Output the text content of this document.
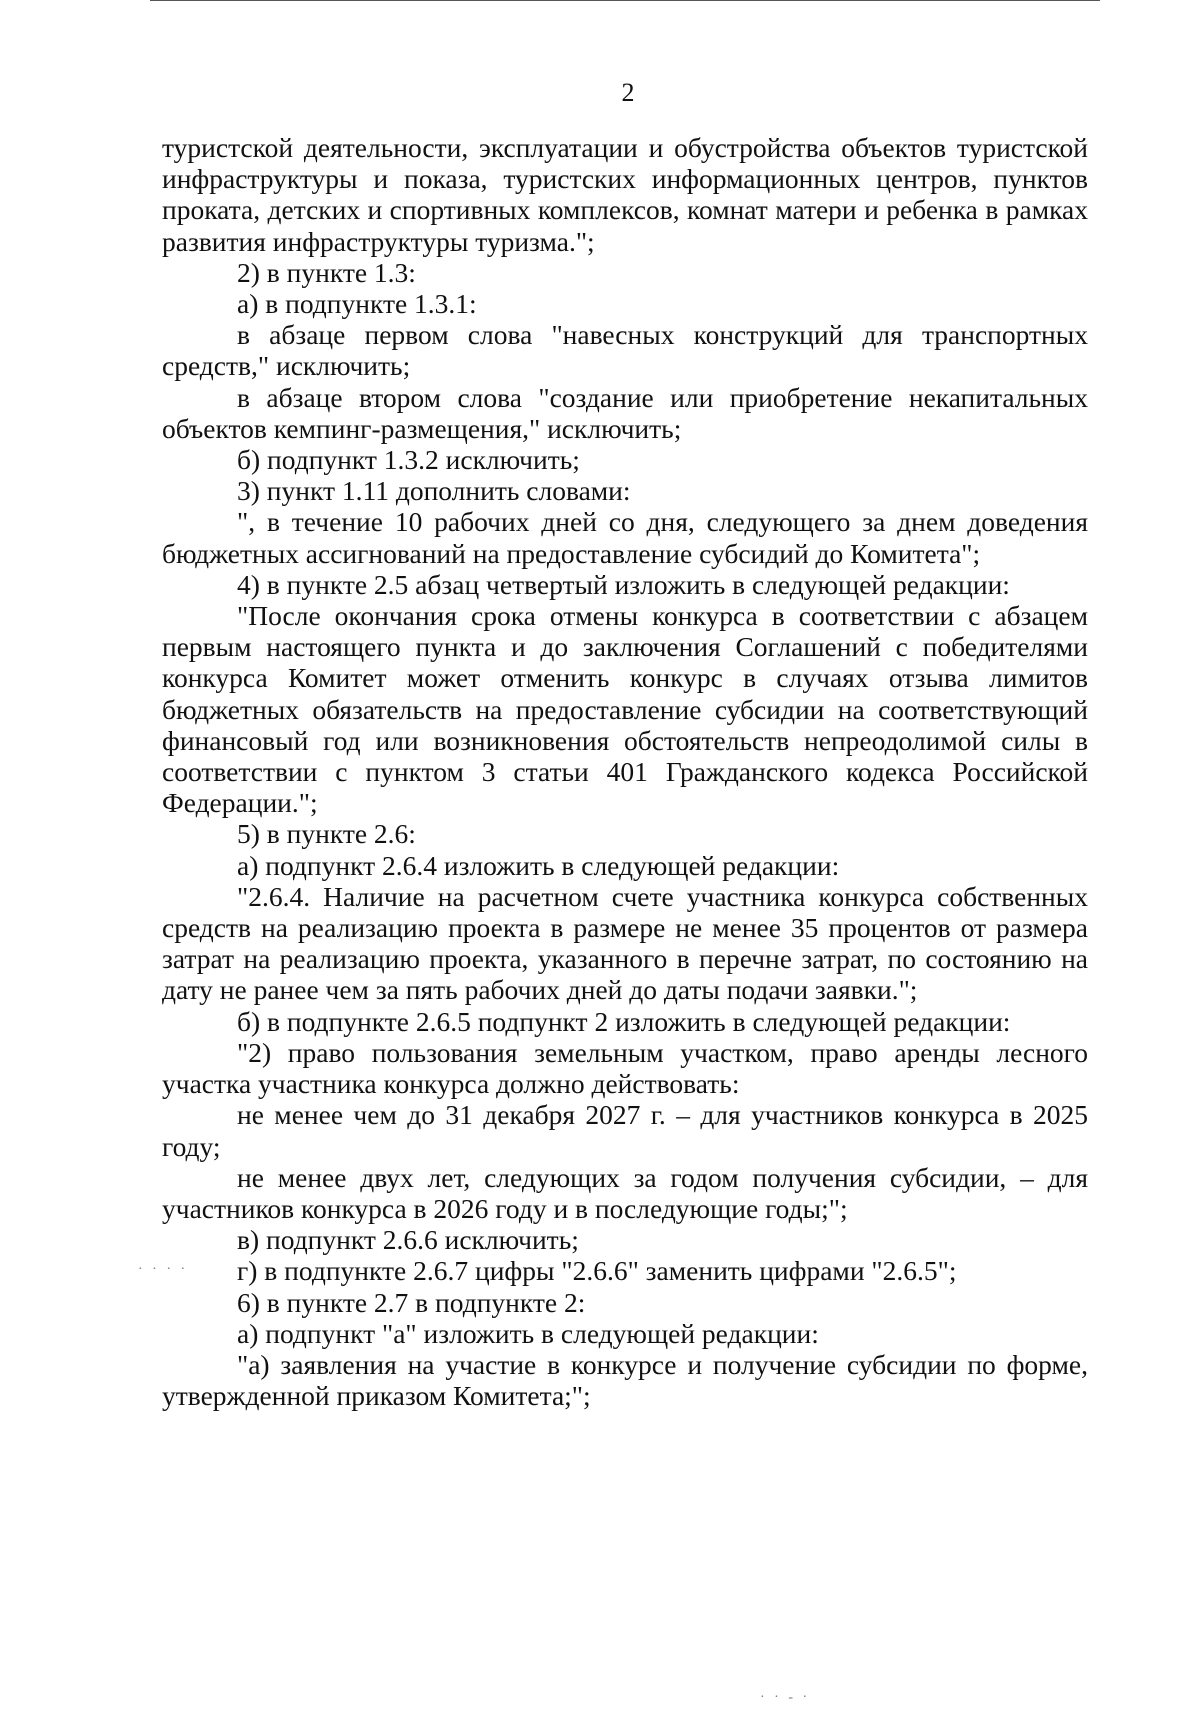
2

туристской деятельности, эксплуатации и обустройства объектов туристской инфраструктуры и показа, туристских информационных центров, пунктов проката, детских и спортивных комплексов, комнат матери и ребенка в рамках развития инфраструктуры туризма.";

2) в пункте 1.3:

а) в подпункте 1.3.1:

в абзаце первом слова "навесных конструкций для транспортных средств," исключить;

в абзаце втором слова "создание или приобретение некапитальных объектов кемпинг-размещения," исключить;

б) подпункт 1.3.2 исключить;

3) пункт 1.11 дополнить словами:

", в течение 10 рабочих дней со дня, следующего за днем доведения бюджетных ассигнований на предоставление субсидий до Комитета";

4) в пункте 2.5 абзац четвертый изложить в следующей редакции:

"После окончания срока отмены конкурса в соответствии с абзацем первым настоящего пункта и до заключения Соглашений с победителями конкурса Комитет может отменить конкурс в случаях отзыва лимитов бюджетных обязательств на предоставление субсидии на соответствующий финансовый год или возникновения обстоятельств непреодолимой силы в соответствии с пунктом 3 статьи 401 Гражданского кодекса Российской Федерации.";

5) в пункте 2.6:

а) подпункт 2.6.4 изложить в следующей редакции:

"2.6.4. Наличие на расчетном счете участника конкурса собственных средств на реализацию проекта в размере не менее 35 процентов от размера затрат на реализацию проекта, указанного в перечне затрат, по состоянию на дату не ранее чем за пять рабочих дней до даты подачи заявки.";

б) в подпункте 2.6.5 подпункт 2 изложить в следующей редакции:

"2) право пользования земельным участком, право аренды лесного участка участника конкурса должно действовать:

не менее чем до 31 декабря 2027 г. – для участников конкурса в 2025 году;

не менее двух лет, следующих за годом получения субсидии, – для участников конкурса в 2026 году и в последующие годы;";

в) подпункт 2.6.6 исключить;

г) в подпункте 2.6.7 цифры "2.6.6" заменить цифрами "2.6.5";

6) в пункте 2.7 в подпункте 2:

а) подпункт "а" изложить в следующей редакции:

"а) заявления на участие в конкурсе и получение субсидии по форме, утвержденной приказом Комитета;";

· · · ·
· · - ·
